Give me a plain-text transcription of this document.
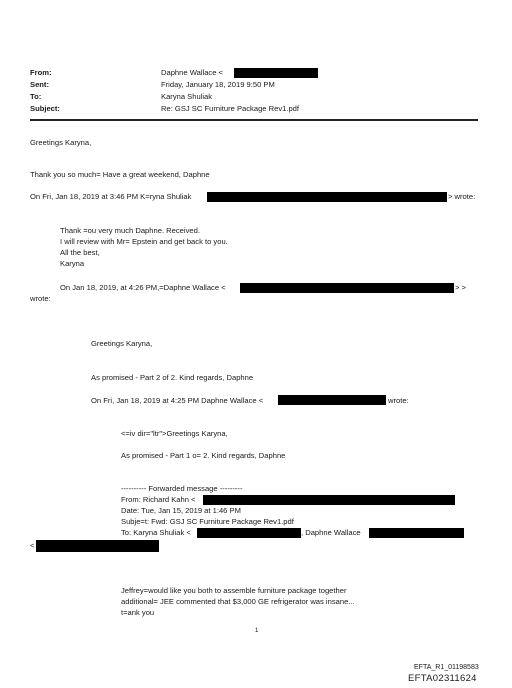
From:	Daphne Wallace <
Sent:	Friday, January 18, 2019 9:50 PM
To:	Karyna Shuliak
Subject:	Re: GSJ SC Furniture Package Rev1.pdf
Greetings Karyna,
Thank you so much= Have a great weekend, Daphne
On Fri, Jan 18, 2019 at 3:46 PM K=ryna Shuliak	> wrote:
Thank =ou very much Daphne. Received.
I will review with Mr= Epstein and get back to you.
All the best,
Karyna
On Jan 18, 2019, at 4:26 PM,=Daphne Wallace <	> >
wrote:
Greetings Karyna,
As promised - Part 2 of 2. Kind regards, Daphne
On Fri, Jan 18, 2019 at 4:25 PM Daphne Wallace <	wrote:
<=iv dir="ltr">Greetings Karyna,
As promised - Part 1 o= 2. Kind regards, Daphne
---------- Forwarded message ---------
From: Richard Kahn <
Date: Tue, Jan 15, 2019 at 1:46 PM
Subje=t: Fwd: GSJ SC Furniture Package Rev1.pdf
To: Karyna Shuliak <	, Daphne Wallace
<
Jeffrey=would like you both to assemble furniture package together
additional= JEE commented that $3,000 GE refrigerator was insane...
t=ank you
1
EFTA_R1_01198583
EFTA02311624
